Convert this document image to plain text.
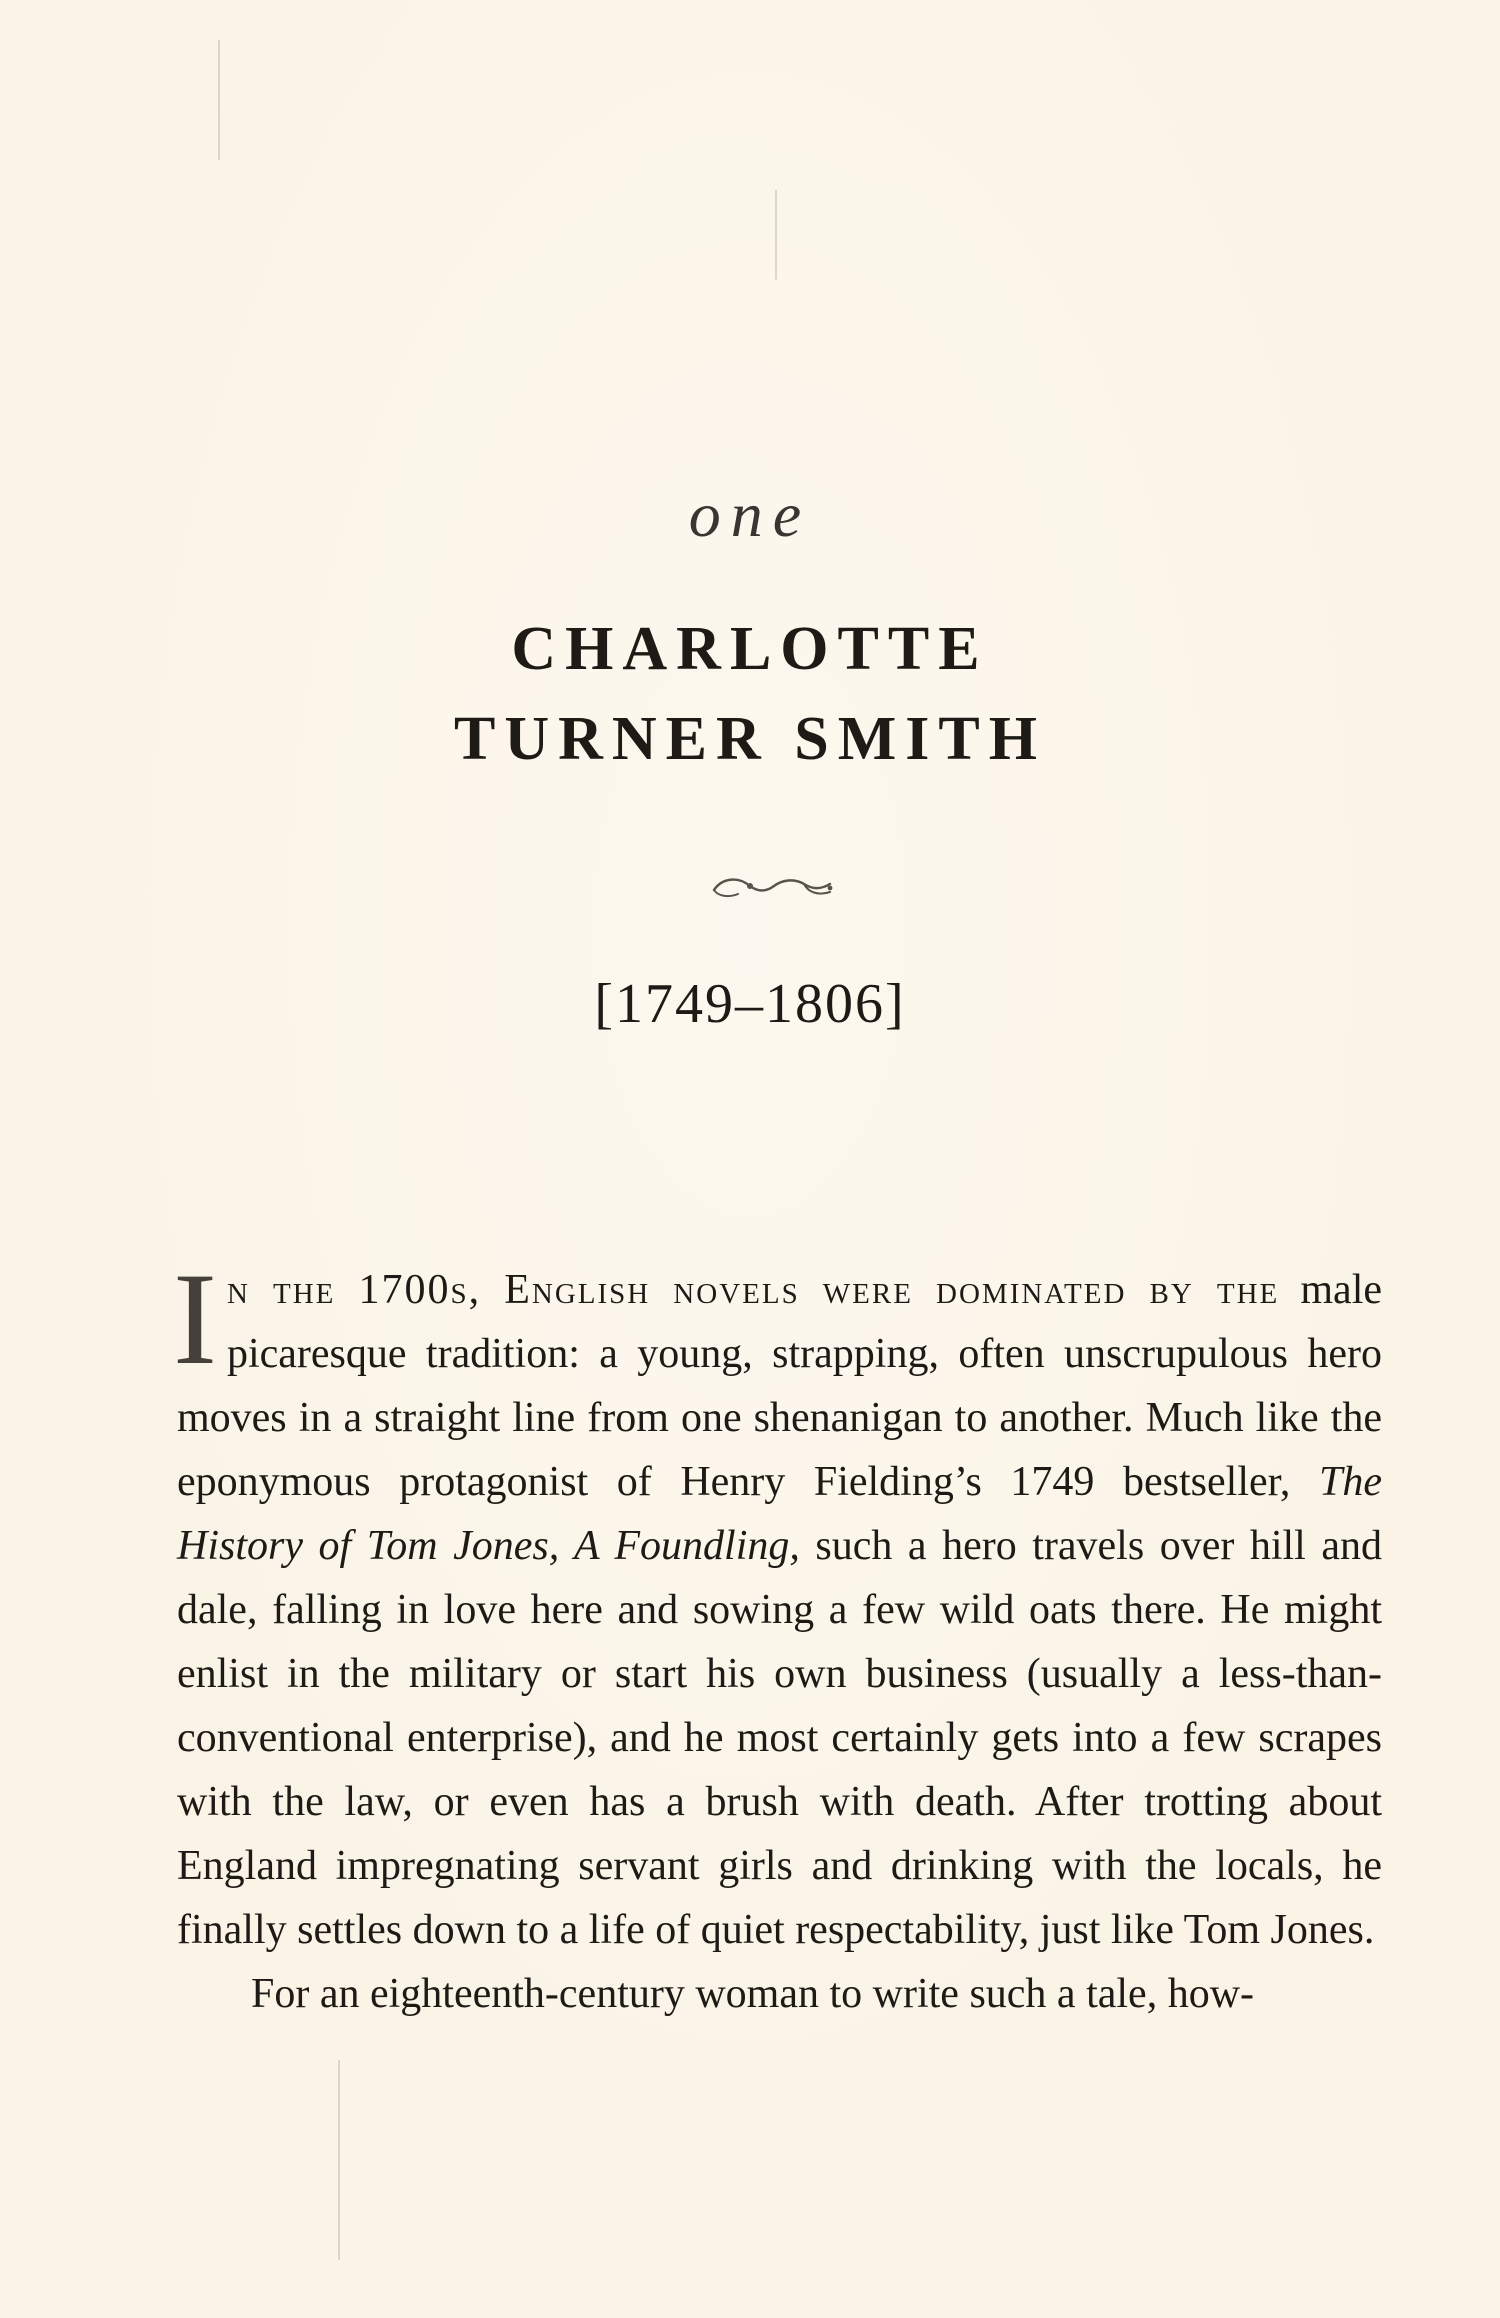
one
CHARLOTTE
TURNER SMITH
[1749–1806]

In the 1700s, English novels were dominated by the male picaresque tradition: a young, strapping, often unscrupulous hero moves in a straight line from one shenanigan to another. Much like the eponymous protagonist of Henry Fielding’s 1749 bestseller, The History of Tom Jones, A Foundling, such a hero travels over hill and dale, falling in love here and sowing a few wild oats there. He might enlist in the military or start his own business (usually a less-than-conventional enterprise), and he most certainly gets into a few scrapes with the law, or even has a brush with death. After trotting about England impregnating servant girls and drinking with the locals, he finally settles down to a life of quiet respectability, just like Tom Jones.

For an eighteenth-century woman to write such a tale, how-
